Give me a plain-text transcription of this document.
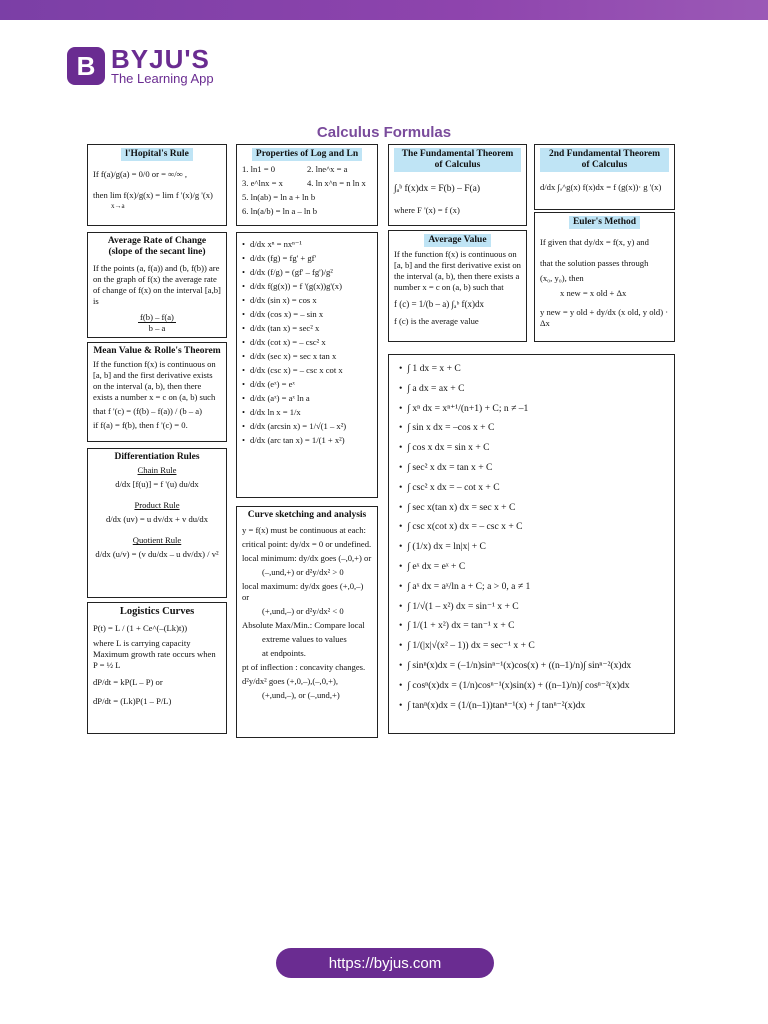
B BYJU'S
The Learning App
Calculus Formulas
l'Hopital's Rule
If f(a)/g(a) = 0/0 or = ∞/∞ ,
then lim f(x)/g(x) = lim f '(x)/g '(x)
x→a
Properties of Log and Ln
1. ln1 = 0	2. lne^x = a
3. e^lnx = x	4. ln x^n = n ln x
5. ln(ab) = ln a + ln b
6. ln(a/b) = ln a – ln b
The Fundamental Theorem of Calculus
∫ₐᵇ f(x)dx = F(b) – F(a)
where F '(x) = f (x)
2nd Fundamental Theorem of Calculus
d/dx ∫ₐ^g(x) f(x)dx = f (g(x))· g '(x)
Euler's Method
If given that dy/dx = f(x, y) and
that the solution passes through
(x₀, y₀), then
x new = x old + Δx
y new = y old + dy/dx (x old, y old) · Δx
Average Rate of Change
(slope of the secant line)
If the points (a, f(a)) and (b, f(b)) are on the graph of f(x) the average rate of change of f(x) on the interval [a,b] is
$\frac{f(b) - f(a)}{b - a}$
Mean Value & Rolle's Theorem
If the function f(x) is continuous on [a, b] and the first derivative exists on the interval (a, b), then there exists a number x = c on (a, b) such
that f '(c) = (f(b) – f(a)) / (b – a)
if f(a) = f(b), then f '(c) = 0.
Differentiation Rules
Chain Rule
d/dx [f(u)] = f '(u) du/dx
Product Rule
d/dx (uv) = u dv/dx + v du/dx
Quotient Rule
d/dx (u/v) = (v du/dx – u dv/dx) / v²
Logistics Curves
P(t) = L / (1 + Ce^(–(Lk)t))
where L is carrying capacity
Maximum growth rate occurs when
P = ½ L
dP/dt = kP(L – P) or
dP/dt = (Lk)P(1 – P/L)
• d/dx xⁿ = nxⁿ⁻¹
• d/dx (fg) = fg' + gf'
• d/dx (f/g) = (gf' – fg')/g²
• d/dx f(g(x)) = f '(g(x))g'(x)
• d/dx (sin x) = cos x
• d/dx (cos x) = – sin x
• d/dx (tan x) = sec² x
• d/dx (cot x) = – csc² x
• d/dx (sec x) = sec x tan x
• d/dx (csc x) = – csc x cot x
• d/dx (eˣ) = eˣ
• d/dx (aˣ) = aˣ ln a
• d/dx ln x = 1/x
• d/dx (arcsin x) = 1/√(1 – x²)
• d/dx (arc tan x) = 1/(1 + x²)
Curve sketching and analysis
y = f(x) must be continuous at each:
critical point: dy/dx = 0 or undefined.
local minimum: dy/dx goes (–,0,+) or
(–,und,+) or d²y/dx² > 0
local maximum: dy/dx goes (+,0,–) or
(+,und,–) or d²y/dx² < 0
Absolute Max/Min.: Compare local
extreme values to values
at endpoints.
pt of inflection : concavity changes.
d²y/dx² goes (+,0,–),(–,0,+),
(+,und,–), or (–,und,+)
Average Value
If the function f(x) is continuous on [a, b] and the first derivative exist on the interval (a, b), then there exists a number x = c on (a, b) such that
f (c) = 1/(b – a) ∫ₐᵇ f(x)dx
f (c) is the average value
• ∫ 1 dx = x + C
• ∫ a dx = ax + C
• ∫ xⁿ dx = xⁿ⁺¹/(n+1) + C; n ≠ –1
• ∫ sin x dx = –cos x + C
• ∫ cos x dx = sin x + C
• ∫ sec² x dx = tan x + C
• ∫ csc² x dx = – cot x + C
• ∫ sec x(tan x) dx = sec x + C
• ∫ csc x(cot x) dx = – csc x + C
• ∫ (1/x) dx = ln|x| + C
• ∫ eˣ dx = eˣ + C
• ∫ aˣ dx = aˣ/ln a + C; a > 0, a ≠ 1
• ∫ 1/√(1 – x²) dx = sin⁻¹ x + C
• ∫ 1/(1 + x²) dx = tan⁻¹ x + C
• ∫ 1/(|x|√(x² – 1)) dx = sec⁻¹ x + C
• ∫ sinⁿ(x)dx = (–1/n)sinⁿ⁻¹(x)cos(x) + ((n–1)/n)∫ sinⁿ⁻²(x)dx
• ∫ cosⁿ(x)dx = (1/n)cosⁿ⁻¹(x)sin(x) + ((n–1)/n)∫ cosⁿ⁻²(x)dx
• ∫ tanⁿ(x)dx = (1/(n–1))tanⁿ⁻¹(x) + ∫ tanⁿ⁻²(x)dx
https://byjus.com
